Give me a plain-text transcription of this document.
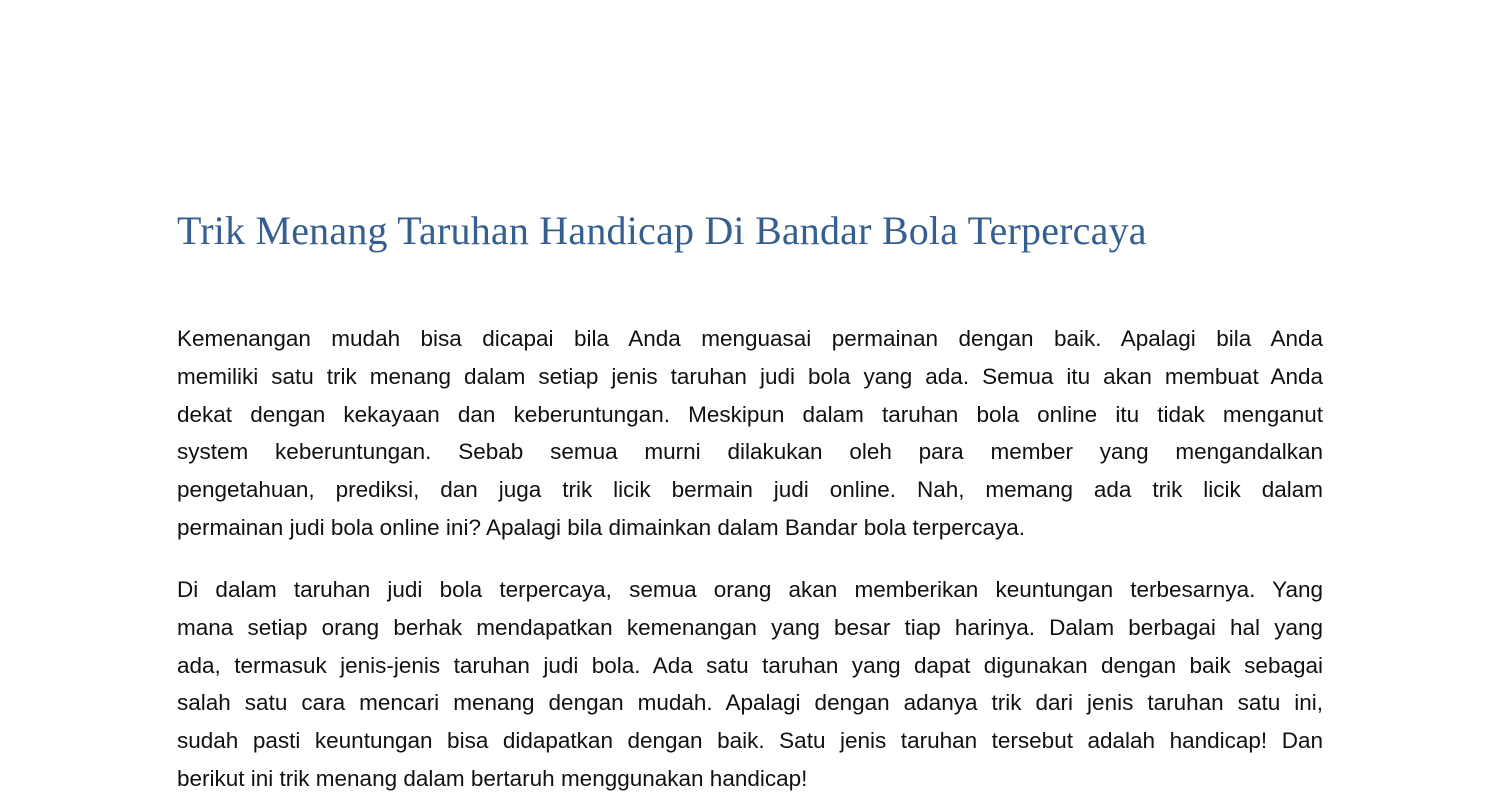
Trik Menang Taruhan Handicap Di Bandar Bola Terpercaya
Kemenangan mudah bisa dicapai bila Anda menguasai permainan dengan baik. Apalagi bila Anda
memiliki satu trik menang dalam setiap jenis taruhan judi bola yang ada. Semua itu akan membuat Anda
dekat dengan kekayaan dan keberuntungan. Meskipun dalam taruhan bola online itu tidak menganut
system keberuntungan. Sebab semua murni dilakukan oleh para member yang mengandalkan
pengetahuan, prediksi, dan juga trik licik bermain judi online. Nah, memang ada trik licik dalam
permainan judi bola online ini? Apalagi bila dimainkan dalam Bandar bola terpercaya.
Di dalam taruhan judi bola terpercaya, semua orang akan memberikan keuntungan terbesarnya. Yang
mana setiap orang berhak mendapatkan kemenangan yang besar tiap harinya. Dalam berbagai hal yang
ada, termasuk jenis-jenis taruhan judi bola. Ada satu taruhan yang dapat digunakan dengan baik sebagai
salah satu cara mencari menang dengan mudah. Apalagi dengan adanya trik dari jenis taruhan satu ini,
sudah pasti keuntungan bisa didapatkan dengan baik. Satu jenis taruhan tersebut adalah handicap! Dan
berikut ini trik menang dalam bertaruh menggunakan handicap!
